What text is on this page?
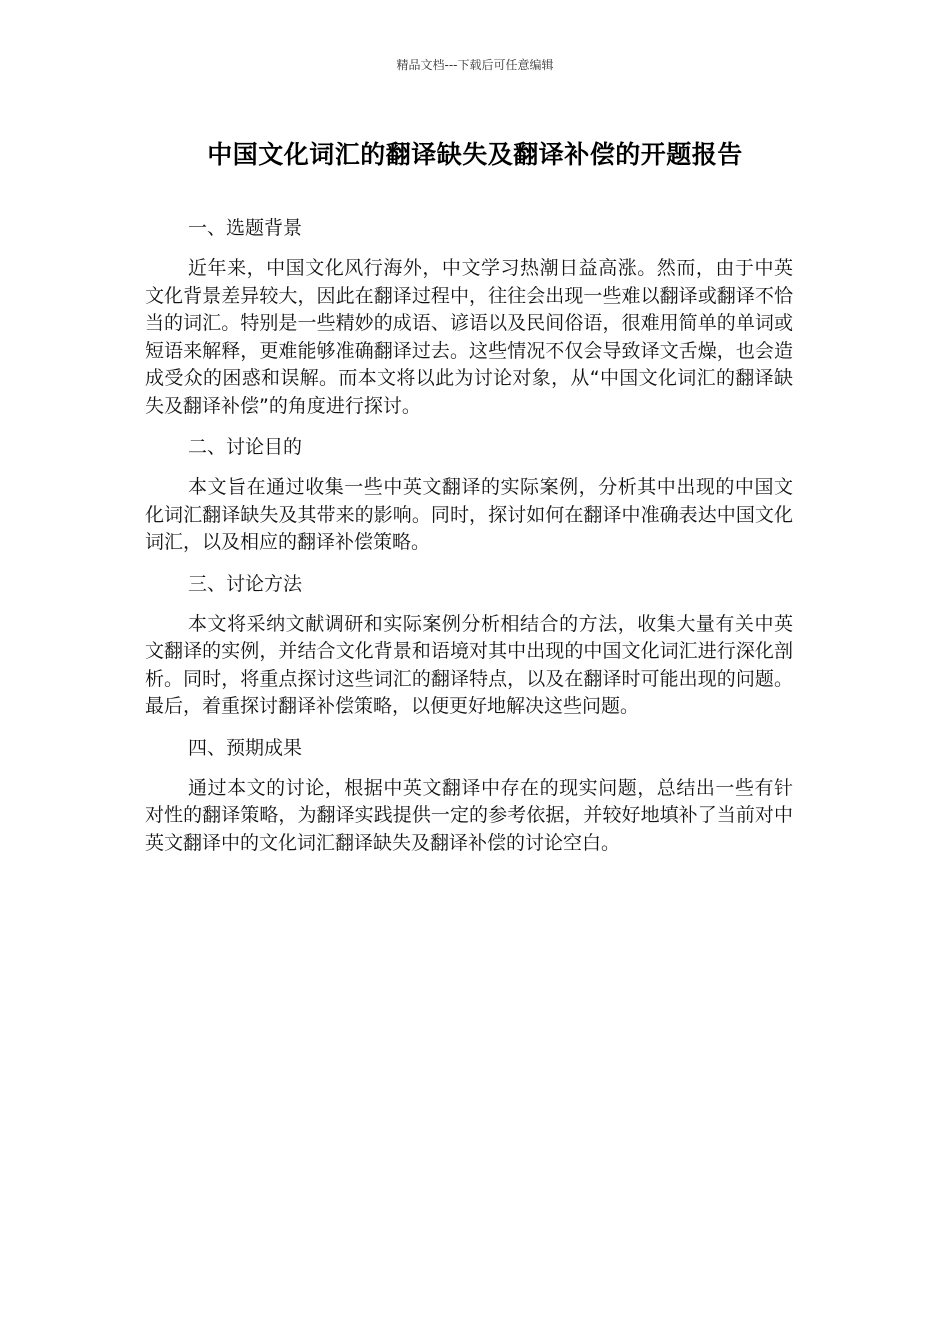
精品文档---下载后可任意编辑
中国文化词汇的翻译缺失及翻译补偿的开题报告

一、选题背景

近年来，中国文化风行海外，中文学习热潮日益高涨。然而，由于中英文化背景差异较大，因此在翻译过程中，往往会出现一些难以翻译或翻译不恰当的词汇。特别是一些精妙的成语、谚语以及民间俗语，很难用简单的单词或短语来解释，更难能够准确翻译过去。这些情况不仅会导致译文舌燥，也会造成受众的困惑和误解。而本文将以此为讨论对象，从“中国文化词汇的翻译缺失及翻译补偿”的角度进行探讨。

二、讨论目的

本文旨在通过收集一些中英文翻译的实际案例，分析其中出现的中国文化词汇翻译缺失及其带来的影响。同时，探讨如何在翻译中准确表达中国文化词汇，以及相应的翻译补偿策略。

三、讨论方法

本文将采纳文献调研和实际案例分析相结合的方法，收集大量有关中英文翻译的实例，并结合文化背景和语境对其中出现的中国文化词汇进行深化剖析。同时，将重点探讨这些词汇的翻译特点，以及在翻译时可能出现的问题。最后，着重探讨翻译补偿策略，以便更好地解决这些问题。

四、预期成果

通过本文的讨论，根据中英文翻译中存在的现实问题，总结出一些有针对性的翻译策略，为翻译实践提供一定的参考依据，并较好地填补了当前对中英文翻译中的文化词汇翻译缺失及翻译补偿的讨论空白。
